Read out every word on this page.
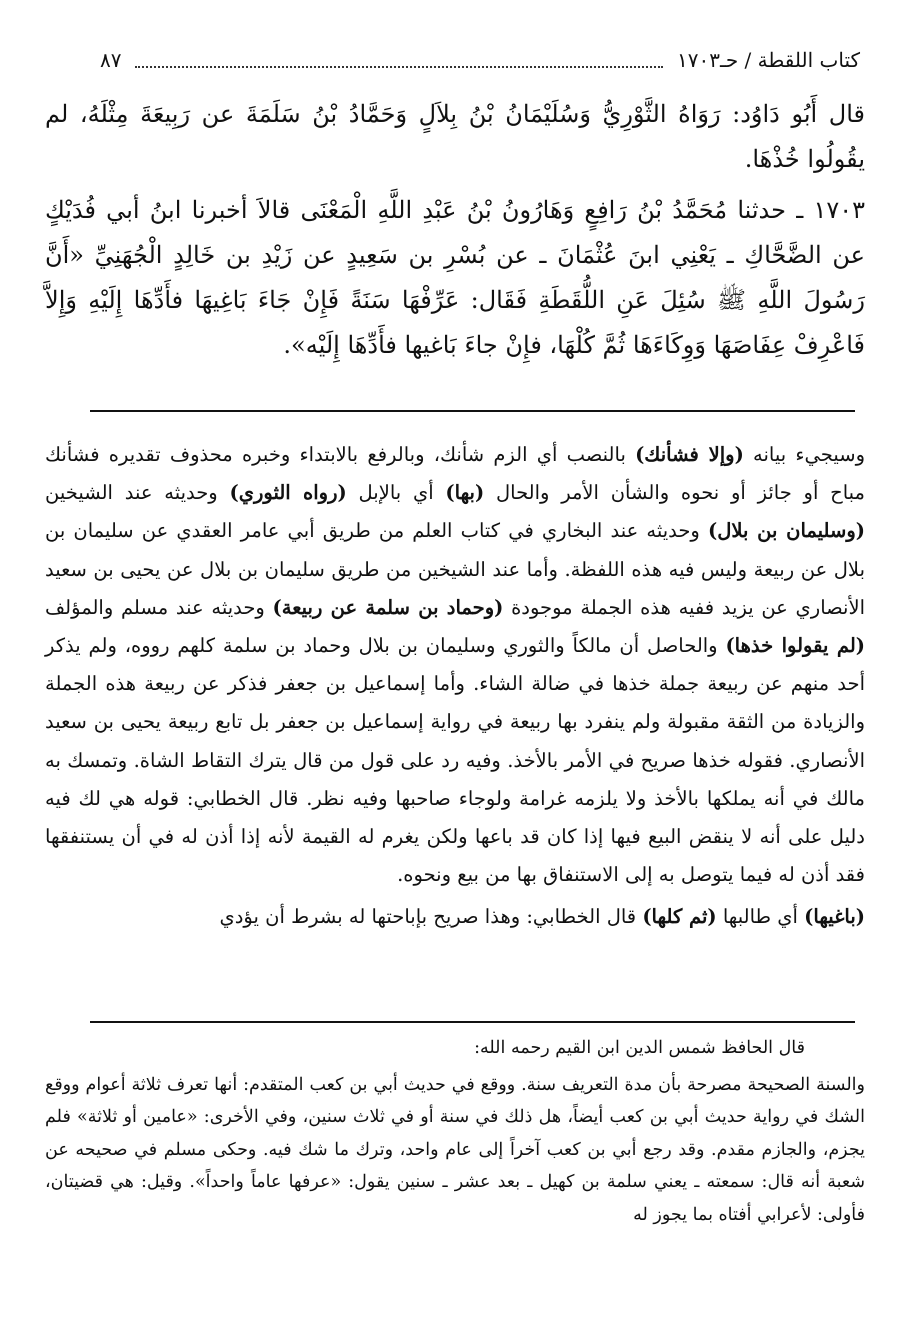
كتاب اللقطة / حـ١٧٠٣
٨٧

قال أَبُو دَاوُد: رَوَاهُ الثَّوْرِيُّ وَسُلَيْمَانُ بْنُ بِلاَلٍ وَحَمَّادُ بْنُ سَلَمَةَ عن رَبِيعَةَ مِثْلَهُ، لم يقُولُوا خُذْهَا.

١٧٠٣ ـ حدثنا مُحَمَّدُ بْنُ رَافِعٍ وَهَارُونُ بْنُ عَبْدِ اللَّهِ الْمَعْنَى قالاَ أخبرنا ابنُ أبي فُدَيْكٍ عن الضَّحَّاكِ ـ يَعْنِي ابنَ عُثْمَانَ ـ عن بُسْرِ بن سَعِيدٍ عن زَيْدِ بن خَالِدٍ الْجُهَنِيِّ «أَنَّ رَسُولَ اللَّهِ ﷺ سُئِلَ عَنِ اللُّقَطَةِ فَقَال: عَرِّفْهَا سَنَةً فَإِنْ جَاءَ بَاغِيهَا فأَدِّهَا إِلَيْهِ وَإِلاَّ فَاعْرِفْ عِفَاصَهَا وَوِكَاءَهَا ثُمَّ كُلْهَا، فإِنْ جاءَ بَاغيها فأَدِّهَا إِلَيْه».

وسيجيء بيانه (وإلا فشأنك) بالنصب أي الزم شأنك، وبالرفع بالابتداء وخبره محذوف تقديره فشأنك مباح أو جائز أو نحوه والشأن الأمر والحال (بها) أي بالإبل (رواه الثوري) وحديثه عند الشيخين (وسليمان بن بلال) وحديثه عند البخاري في كتاب العلم من طريق أبي عامر العقدي عن سليمان بن بلال عن ربيعة وليس فيه هذه اللفظة. وأما عند الشيخين من طريق سليمان بن بلال عن يحيى بن سعيد الأنصاري عن يزيد ففيه هذه الجملة موجودة (وحماد بن سلمة عن ربيعة) وحديثه عند مسلم والمؤلف (لم يقولوا خذها) والحاصل أن مالكاً والثوري وسليمان بن بلال وحماد بن سلمة كلهم رووه، ولم يذكر أحد منهم عن ربيعة جملة خذها في ضالة الشاء. وأما إسماعيل بن جعفر فذكر عن ربيعة هذه الجملة والزيادة من الثقة مقبولة ولم ينفرد بها ربيعة في رواية إسماعيل بن جعفر بل تابع ربيعة يحيى بن سعيد الأنصاري. فقوله خذها صريح في الأمر بالأخذ. وفيه رد على قول من قال يترك التقاط الشاة. وتمسك به مالك في أنه يملكها بالأخذ ولا يلزمه غرامة ولوجاء صاحبها وفيه نظر. قال الخطابي: قوله هي لك فيه دليل على أنه لا ينقض البيع فيها إذا كان قد باعها ولكن يغرم له القيمة لأنه إذا أذن له في أن يستنفقها فقد أذن له فيما يتوصل به إلى الاستنفاق بها من بيع ونحوه.

(باغيها) أي طالبها (ثم كلها) قال الخطابي: وهذا صريح بإباحتها له بشرط أن يؤدي

قال الحافظ شمس الدين ابن القيم رحمه الله:

والسنة الصحيحة مصرحة بأن مدة التعريف سنة. ووقع في حديث أبي بن كعب المتقدم: أنها تعرف ثلاثة أعوام ووقع الشك في رواية حديث أبي بن كعب أيضاً، هل ذلك في سنة أو في ثلاث سنين، وفي الأخرى: «عامين أو ثلاثة» فلم يجزم، والجازم مقدم. وقد رجع أبي بن كعب آخراً إلى عام واحد، وترك ما شك فيه. وحكى مسلم في صحيحه عن شعبة أنه قال: سمعته ـ يعني سلمة بن كهيل ـ بعد عشر ـ سنين يقول: «عرفها عاماً واحداً». وقيل: هي قضيتان، فأولى: لأعرابي أفتاه بما يجوز له
